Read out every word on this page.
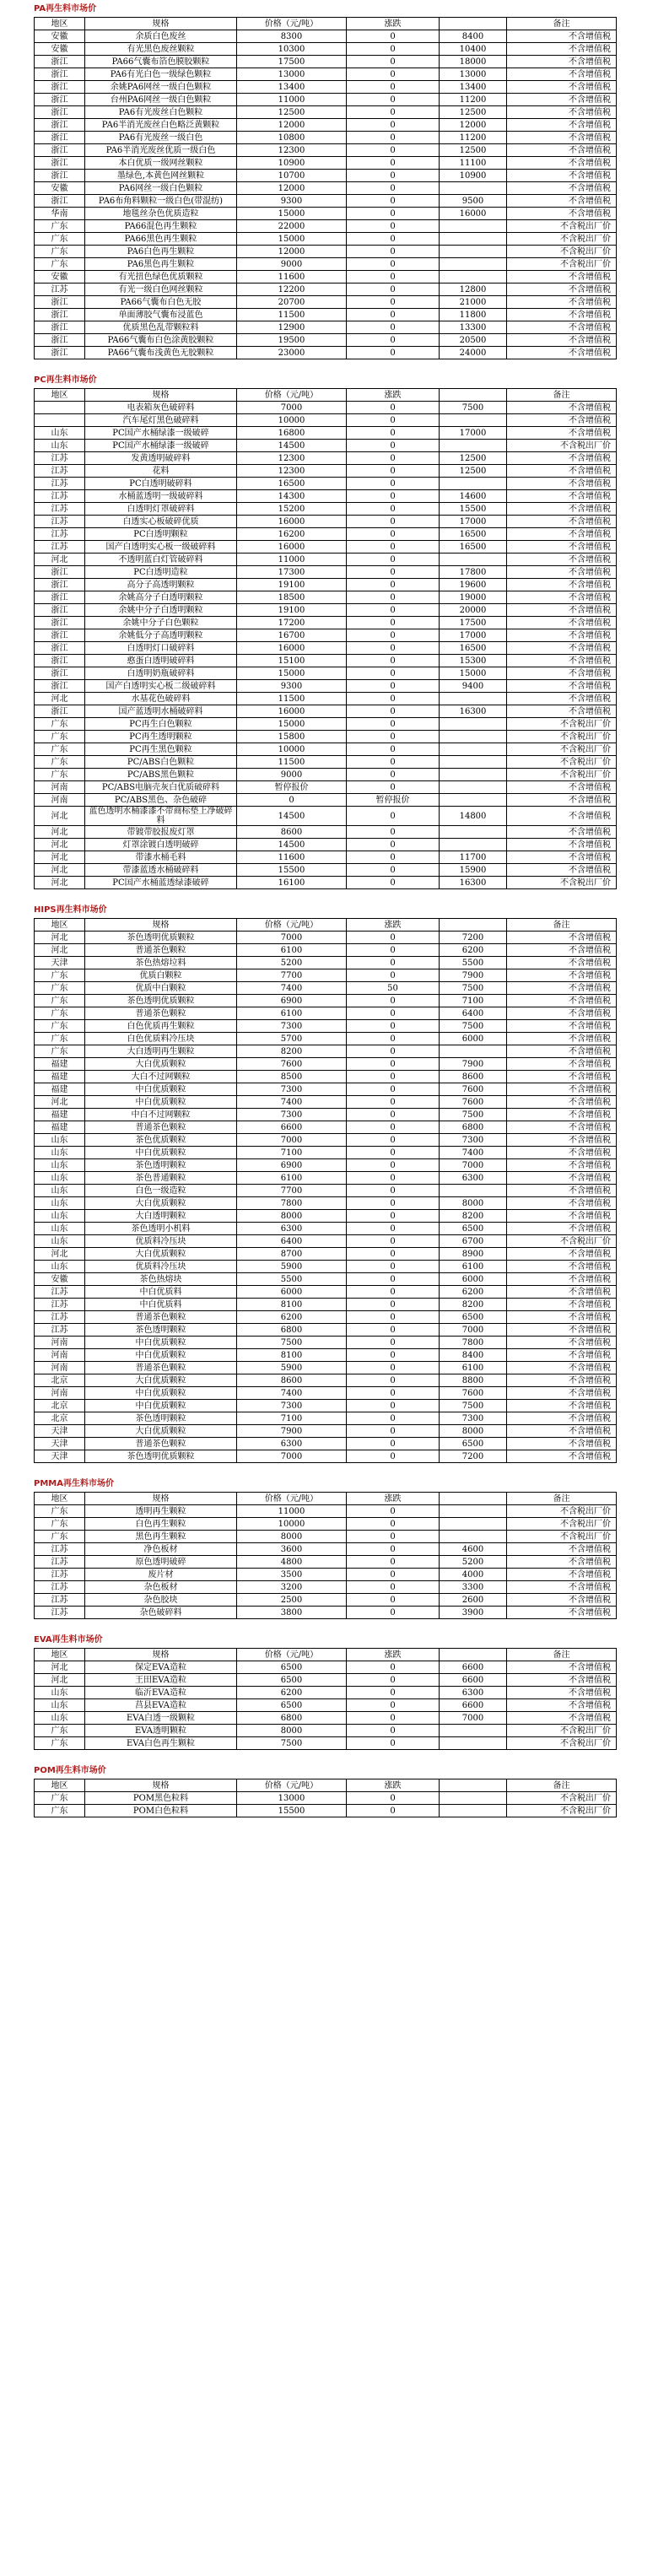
PA再生料市场价
地区	规格	价格（元/吨）	涨跌		备注
安徽	余质白色废丝	8300	0	8400	不含增值税
安徽	有光黑色废丝颗粒	10300	0	10400	不含增值税
浙江	PA66气囊布箔色膜胶颗粒	17500	0	18000	不含增值税
浙江	PA6有光白色一级绿色颗粒	13000	0	13000	不含增值税
浙江	余姚PA6网丝一级白色颗粒	13400	0	13400	不含增值税
浙江	台州PA6网丝一级白色颗粒	11000	0	11200	不含增值税
浙江	PA6有光废丝白色颗粒	12500	0	12500	不含增值税
浙江	PA6半消光废丝白色略泛黄颗粒	12000	0	12000	不含增值税
浙江	PA6有光废丝一级白色	10800	0	11200	不含增值税
浙江	PA6半消光废丝优质一级白色	12300	0	12500	不含增值税
浙江	本白优质一级网丝颗粒	10900	0	11100	不含增值税
浙江	墨绿色,本黄色网丝颗粒	10700	0	10900	不含增值税
安徽	PA6网丝一级白色颗粒	12000	0		不含增值税
浙江	PA6布角料颗粒一级白色(带混纺)	9300	0	9500	不含增值税
华南	地毯丝杂色优质造粒	15000	0	16000	不含增值税
广东	PA66混色再生颗粒	22000	0		不含税出厂价
广东	PA66黑色再生颗粒	15000	0		不含税出厂价
广东	PA6白色再生颗粒	12000	0		不含税出厂价
广东	PA6黑色再生颗粒	9000	0		不含税出厂价
安徽	有光扭色绿色优质颗粒	11600	0		不含增值税
江苏	有光一级白色网丝颗粒	12200	0	12800	不含增值税
浙江	PA66气囊布白色无胶	20700	0	21000	不含增值税
浙江	单面薄胶气囊布浸蓝色	11500	0	11800	不含增值税
浙江	优质黑色乱带颗粒料	12900	0	13300	不含增值税
浙江	PA66气囊布白色涂黄胶颗粒	19500	0	20500	不含增值税
浙江	PA66气囊布浅黄色无胶颗粒	23000	0	24000	不含增值税
PC再生料市场价
地区	规格	价格（元/吨）	涨跌		备注
	电表箱灰色破碎料	7000	0	7500	不含增值税
	汽车尾灯黑色破碎料	10000	0		不含增值税
山东	PC国产水桶绿漆一级破碎	16800	0	17000	不含增值税
山东	PC国产水桶绿漆一级破碎	14500	0		不含税出厂价
江苏	发黄透明破碎料	12300	0	12500	不含增值税
江苏	花料	12300	0	12500	不含增值税
江苏	PC白透明破碎料	16500	0		不含增值税
江苏	水桶蓝透明一级破碎料	14300	0	14600	不含增值税
江苏	白透明灯罩破碎料	15200	0	15500	不含增值税
江苏	白透实心板破碎优质	16000	0	17000	不含增值税
江苏	PC白透明颗粒	16200	0	16500	不含增值税
江苏	国产白透明实心板一级破碎料	16000	0	16500	不含增值税
河北	不透明蓝白灯管破碎料	11000	0		不含增值税
浙江	PC白透明造粒	17300	0	17800	不含增值税
浙江	高分子高透明颗粒	19100	0	19600	不含增值税
浙江	余姚高分子白透明颗粒	18500	0	19000	不含增值税
浙江	余姚中分子白透明颗粒	19100	0	20000	不含增值税
浙江	余姚中分子白色颗粒	17200	0	17500	不含增值税
浙江	余姚低分子高透明颗粒	16700	0	17000	不含增值税
浙江	白透明灯口破碎料	16000	0	16500	不含增值税
浙江	憨蛋白透明破碎料	15100	0	15300	不含增值税
浙江	白透明奶瓶破碎料	15000	0	15000	不含增值税
浙江	国产白透明实心板二级破碎料	9300	0	9400	不含增值税
河北	水基花色破碎料	11500	0		不含增值税
浙江	国产蓝透明水桶破碎料	16000	0	16300	不含增值税
广东	PC再生白色颗粒	15000	0		不含税出厂价
广东	PC再生透明颗粒	15800	0		不含税出厂价
广东	PC再生黑色颗粒	10000	0		不含税出厂价
广东	PC/ABS白色颗粒	11500	0		不含税出厂价
广东	PC/ABS黑色颗粒	9000	0		不含税出厂价
河南	PC/ABS电脑壳灰白优质破碎料	暂停报价	0		不含增值税
河南	PC/ABS黑色、杂色破碎	0	暂停报价		不含增值税
河北	蓝色透明水桶漆漆不带商标垫上净破碎料	14500	0	14800	不含增值税
河北	带镀带胶报废灯罩	8600	0		不含增值税
河北	灯罩涂镀白透明破碎	14500	0		不含增值税
河北	带漆水桶毛料	11600	0	11700	不含增值税
河北	带漆蓝透水桶破碎料	15500	0	15900	不含增值税
河北	PC国产水桶蓝透绿漆破碎	16100	0	16300	不含税出厂价
HIPS再生料市场价
地区	规格	价格（元/吨）	涨跌		备注
河北	茶色透明优质颗粒	7000	0	7200	不含增值税
河北	普通茶色颗粒	6100	0	6200	不含增值税
天津	茶色热熔垃料	5200	0	5500	不含增值税
广东	优质白颗粒	7700	0	7900	不含增值税
广东	优质中白颗粒	7400	50	7500	不含增值税
广东	茶色透明优质颗粒	6900	0	7100	不含增值税
广东	普通茶色颗粒	6100	0	6400	不含增值税
广东	白色优质再生颗粒	7300	0	7500	不含增值税
广东	白色优质料冷压块	5700	0	6000	不含增值税
广东	大白透明再生颗粒	8200	0		不含增值税
福建	大白优质颗粒	7600	0	7900	不含增值税
福建	大白不过网颗粒	8500	0	8600	不含增值税
福建	中白优质颗粒	7300	0	7600	不含增值税
河北	中白优质颗粒	7400	0	7600	不含增值税
福建	中白不过网颗粒	7300	0	7500	不含增值税
福建	普通茶色颗粒	6600	0	6800	不含增值税
山东	茶色优质颗粒	7000	0	7300	不含增值税
山东	中白优质颗粒	7100	0	7400	不含增值税
山东	茶色透明颗粒	6900	0	7000	不含增值税
山东	茶色普通颗粒	6100	0	6300	不含增值税
山东	白色一级造粒	7700	0		不含增值税
山东	大白优质颗粒	7800	0	8000	不含增值税
山东	大白透明颗粒	8000	0	8200	不含增值税
山东	茶色透明小机料	6300	0	6500	不含增值税
山东	优质料冷压块	6400	0	6700	不含税出厂价
河北	大白优质颗粒	8700	0	8900	不含增值税
山东	优质料冷压块	5900	0	6100	不含增值税
安徽	茶色热熔块	5500	0	6000	不含增值税
江苏	中白优质料	6000	0	6200	不含增值税
江苏	中白优质料	8100	0	8200	不含增值税
江苏	普通茶色颗粒	6200	0	6500	不含增值税
江苏	茶色透明颗粒	6800	0	7000	不含增值税
河南	中白优质颗粒	7500	0	7800	不含增值税
河南	中白优质颗粒	8100	0	8400	不含增值税
河南	普通茶色颗粒	5900	0	6100	不含增值税
北京	大白优质颗粒	8600	0	8800	不含增值税
河南	中白优质颗粒	7400	0	7600	不含增值税
北京	中白优质颗粒	7300	0	7500	不含增值税
北京	茶色透明颗粒	7100	0	7300	不含增值税
天津	大白优质颗粒	7900	0	8000	不含增值税
天津	普通茶色颗粒	6300	0	6500	不含增值税
天津	茶色透明优质颗粒	7000	0	7200	不含增值税
PMMA再生料市场价
地区	规格	价格（元/吨）	涨跌		备注
广东	透明再生颗粒	11000	0		不含税出厂价
广东	白色再生颗粒	10000	0		不含税出厂价
广东	黑色再生颗粒	8000	0		不含税出厂价
江苏	净色板材	3600	0	4600	不含增值税
江苏	原色透明破碎	4800	0	5200	不含增值税
江苏	废片材	3500	0	4000	不含增值税
江苏	杂色板材	3200	0	3300	不含增值税
江苏	杂色胶块	2500	0	2600	不含增值税
江苏	杂色破碎料	3800	0	3900	不含增值税
EVA再生料市场价
地区	规格	价格（元/吨）	涨跌		备注
河北	保定EVA造粒	6500	0	6600	不含增值税
河北	王田EVA造粒	6500	0	6600	不含增值税
山东	临沂EVA造粒	6200	0	6300	不含增值税
山东	莒县EVA造粒	6500	0	6600	不含增值税
山东	EVA白透一级颗粒	6800	0	7000	不含增值税
广东	EVA透明颗粒	8000	0		不含税出厂价
广东	EVA白色再生颗粒	7500	0		不含税出厂价
POM再生料市场价
地区	规格	价格（元/吨）	涨跌		备注
广东	POM黑色粒料	13000	0		不含税出厂价
广东	POM白色粒料	15500	0		不含税出厂价
